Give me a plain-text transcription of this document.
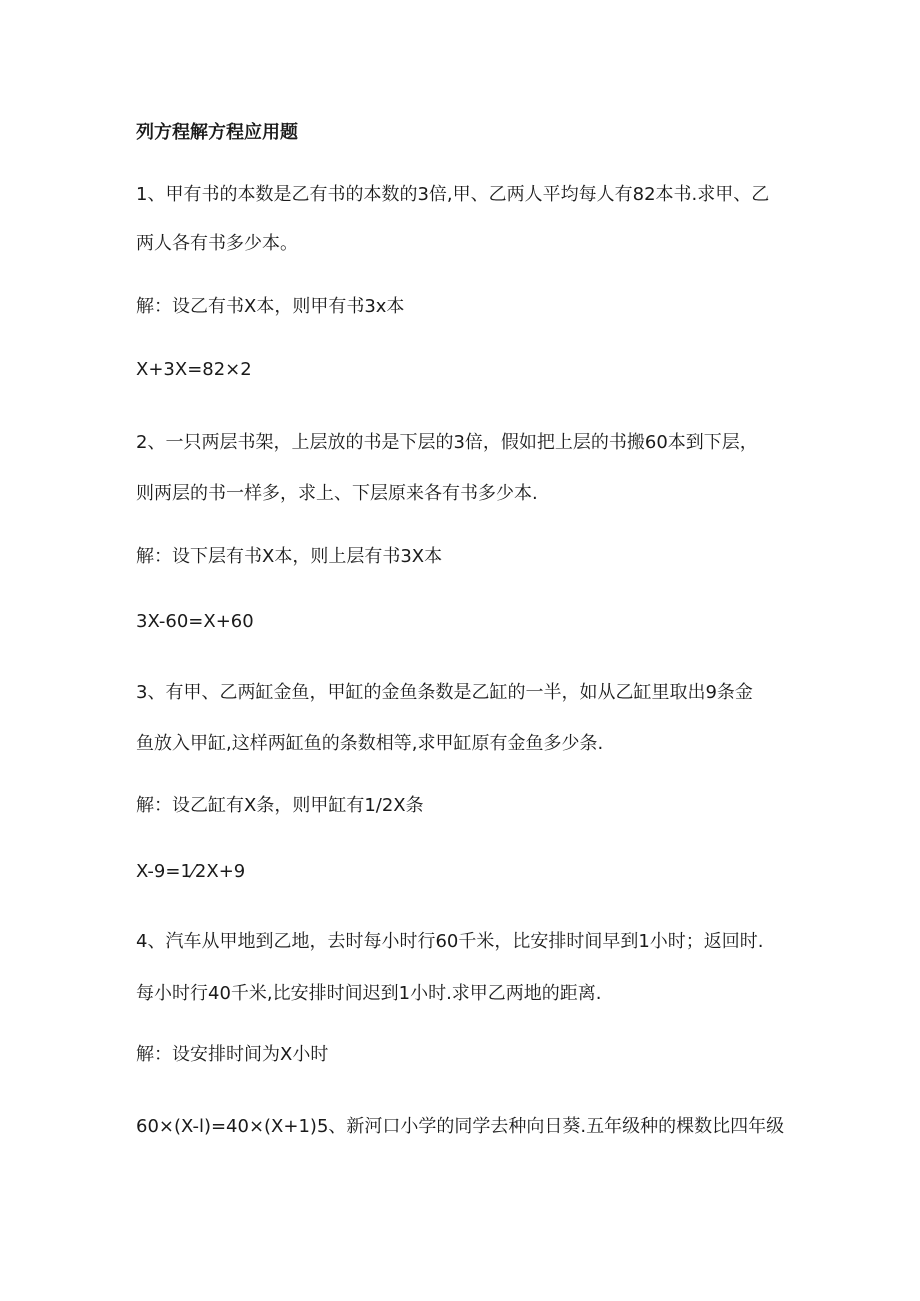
列方程解方程应用题

1、甲有书的本数是乙有书的本数的3倍,甲、乙两人平均每人有82本书.求甲、乙

两人各有书多少本。

解：设乙有书X本，则甲有书3x本

X+3X=82×2

2、一只两层书架，上层放的书是下层的3倍，假如把上层的书搬60本到下层，

则两层的书一样多，求上、下层原来各有书多少本.

解：设下层有书X本，则上层有书3X本

3X-60=X+60

3、有甲、乙两缸金鱼，甲缸的金鱼条数是乙缸的一半，如从乙缸里取出9条金

鱼放入甲缸,这样两缸鱼的条数相等,求甲缸原有金鱼多少条.

解：设乙缸有X条，则甲缸有1/2X条

X-9=1⁄2X+9

4、汽车从甲地到乙地，去时每小时行60千米，比安排时间早到1小时；返回时.

每小时行40千米,比安排时间迟到1小时.求甲乙两地的距离.

解：设安排时间为X小时

60×(X-l)=40×(X+1)5、新河口小学的同学去种向日葵.五年级种的棵数比四年级
